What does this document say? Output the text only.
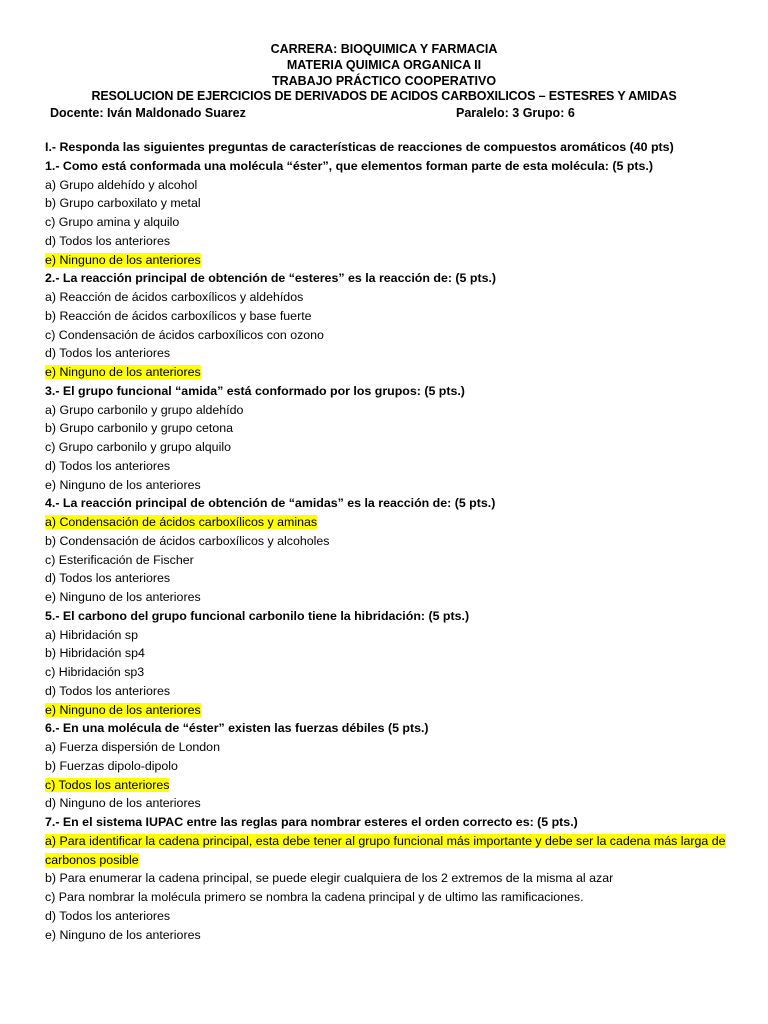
CARRERA: BIOQUIMICA Y FARMACIA
MATERIA QUIMICA ORGANICA II
TRABAJO PRÁCTICO COOPERATIVO
RESOLUCION DE EJERCICIOS DE DERIVADOS DE ACIDOS CARBOXILICOS – ESTESRES Y AMIDAS
Docente: Iván Maldonado Suarez	Paralelo: 3 Grupo: 6
I.- Responda las siguientes preguntas de características de reacciones de compuestos aromáticos (40 pts)
1.- Como está conformada una molécula “éster”, que elementos forman parte de esta molécula: (5 pts.)
a) Grupo aldehído y alcohol
b) Grupo carboxilato y metal
c) Grupo amina y alquilo
d) Todos los anteriores
e) Ninguno de los anteriores
2.- La reacción principal de obtención de “esteres” es la reacción de: (5 pts.)
a) Reacción de ácidos carboxílicos y aldehídos
b) Reacción de ácidos carboxílicos y base fuerte
c) Condensación de ácidos carboxílicos con ozono
d) Todos los anteriores
e) Ninguno de los anteriores
3.- El grupo funcional “amida” está conformado por los grupos: (5 pts.)
a) Grupo carbonilo y grupo aldehído
b) Grupo carbonilo y grupo cetona
c) Grupo carbonilo y grupo alquilo
d) Todos los anteriores
e) Ninguno de los anteriores
4.- La reacción principal de obtención de “amidas” es la reacción de: (5 pts.)
a) Condensación de ácidos carboxílicos y aminas
b) Condensación de ácidos carboxílicos y alcoholes
c) Esterificación de Fischer
d) Todos los anteriores
e) Ninguno de los anteriores
5.- El carbono del grupo funcional carbonilo tiene la hibridación: (5 pts.)
a) Hibridación sp
b) Hibridación sp4
c) Hibridación sp3
d) Todos los anteriores
e) Ninguno de los anteriores
6.- En una molécula de “éster” existen las fuerzas débiles (5 pts.)
a) Fuerza dispersión de London
b) Fuerzas dipolo-dipolo
c) Todos los anteriores
d) Ninguno de los anteriores
7.- En el sistema IUPAC entre las reglas para nombrar esteres el orden correcto es: (5 pts.)
a) Para identificar la cadena principal, esta debe tener al grupo funcional más importante y debe ser la cadena más larga de carbonos posible
b) Para enumerar la cadena principal, se puede elegir cualquiera de los 2 extremos de la misma al azar
c) Para nombrar la molécula primero se nombra la cadena principal y de ultimo las ramificaciones.
d) Todos los anteriores
e) Ninguno de los anteriores
